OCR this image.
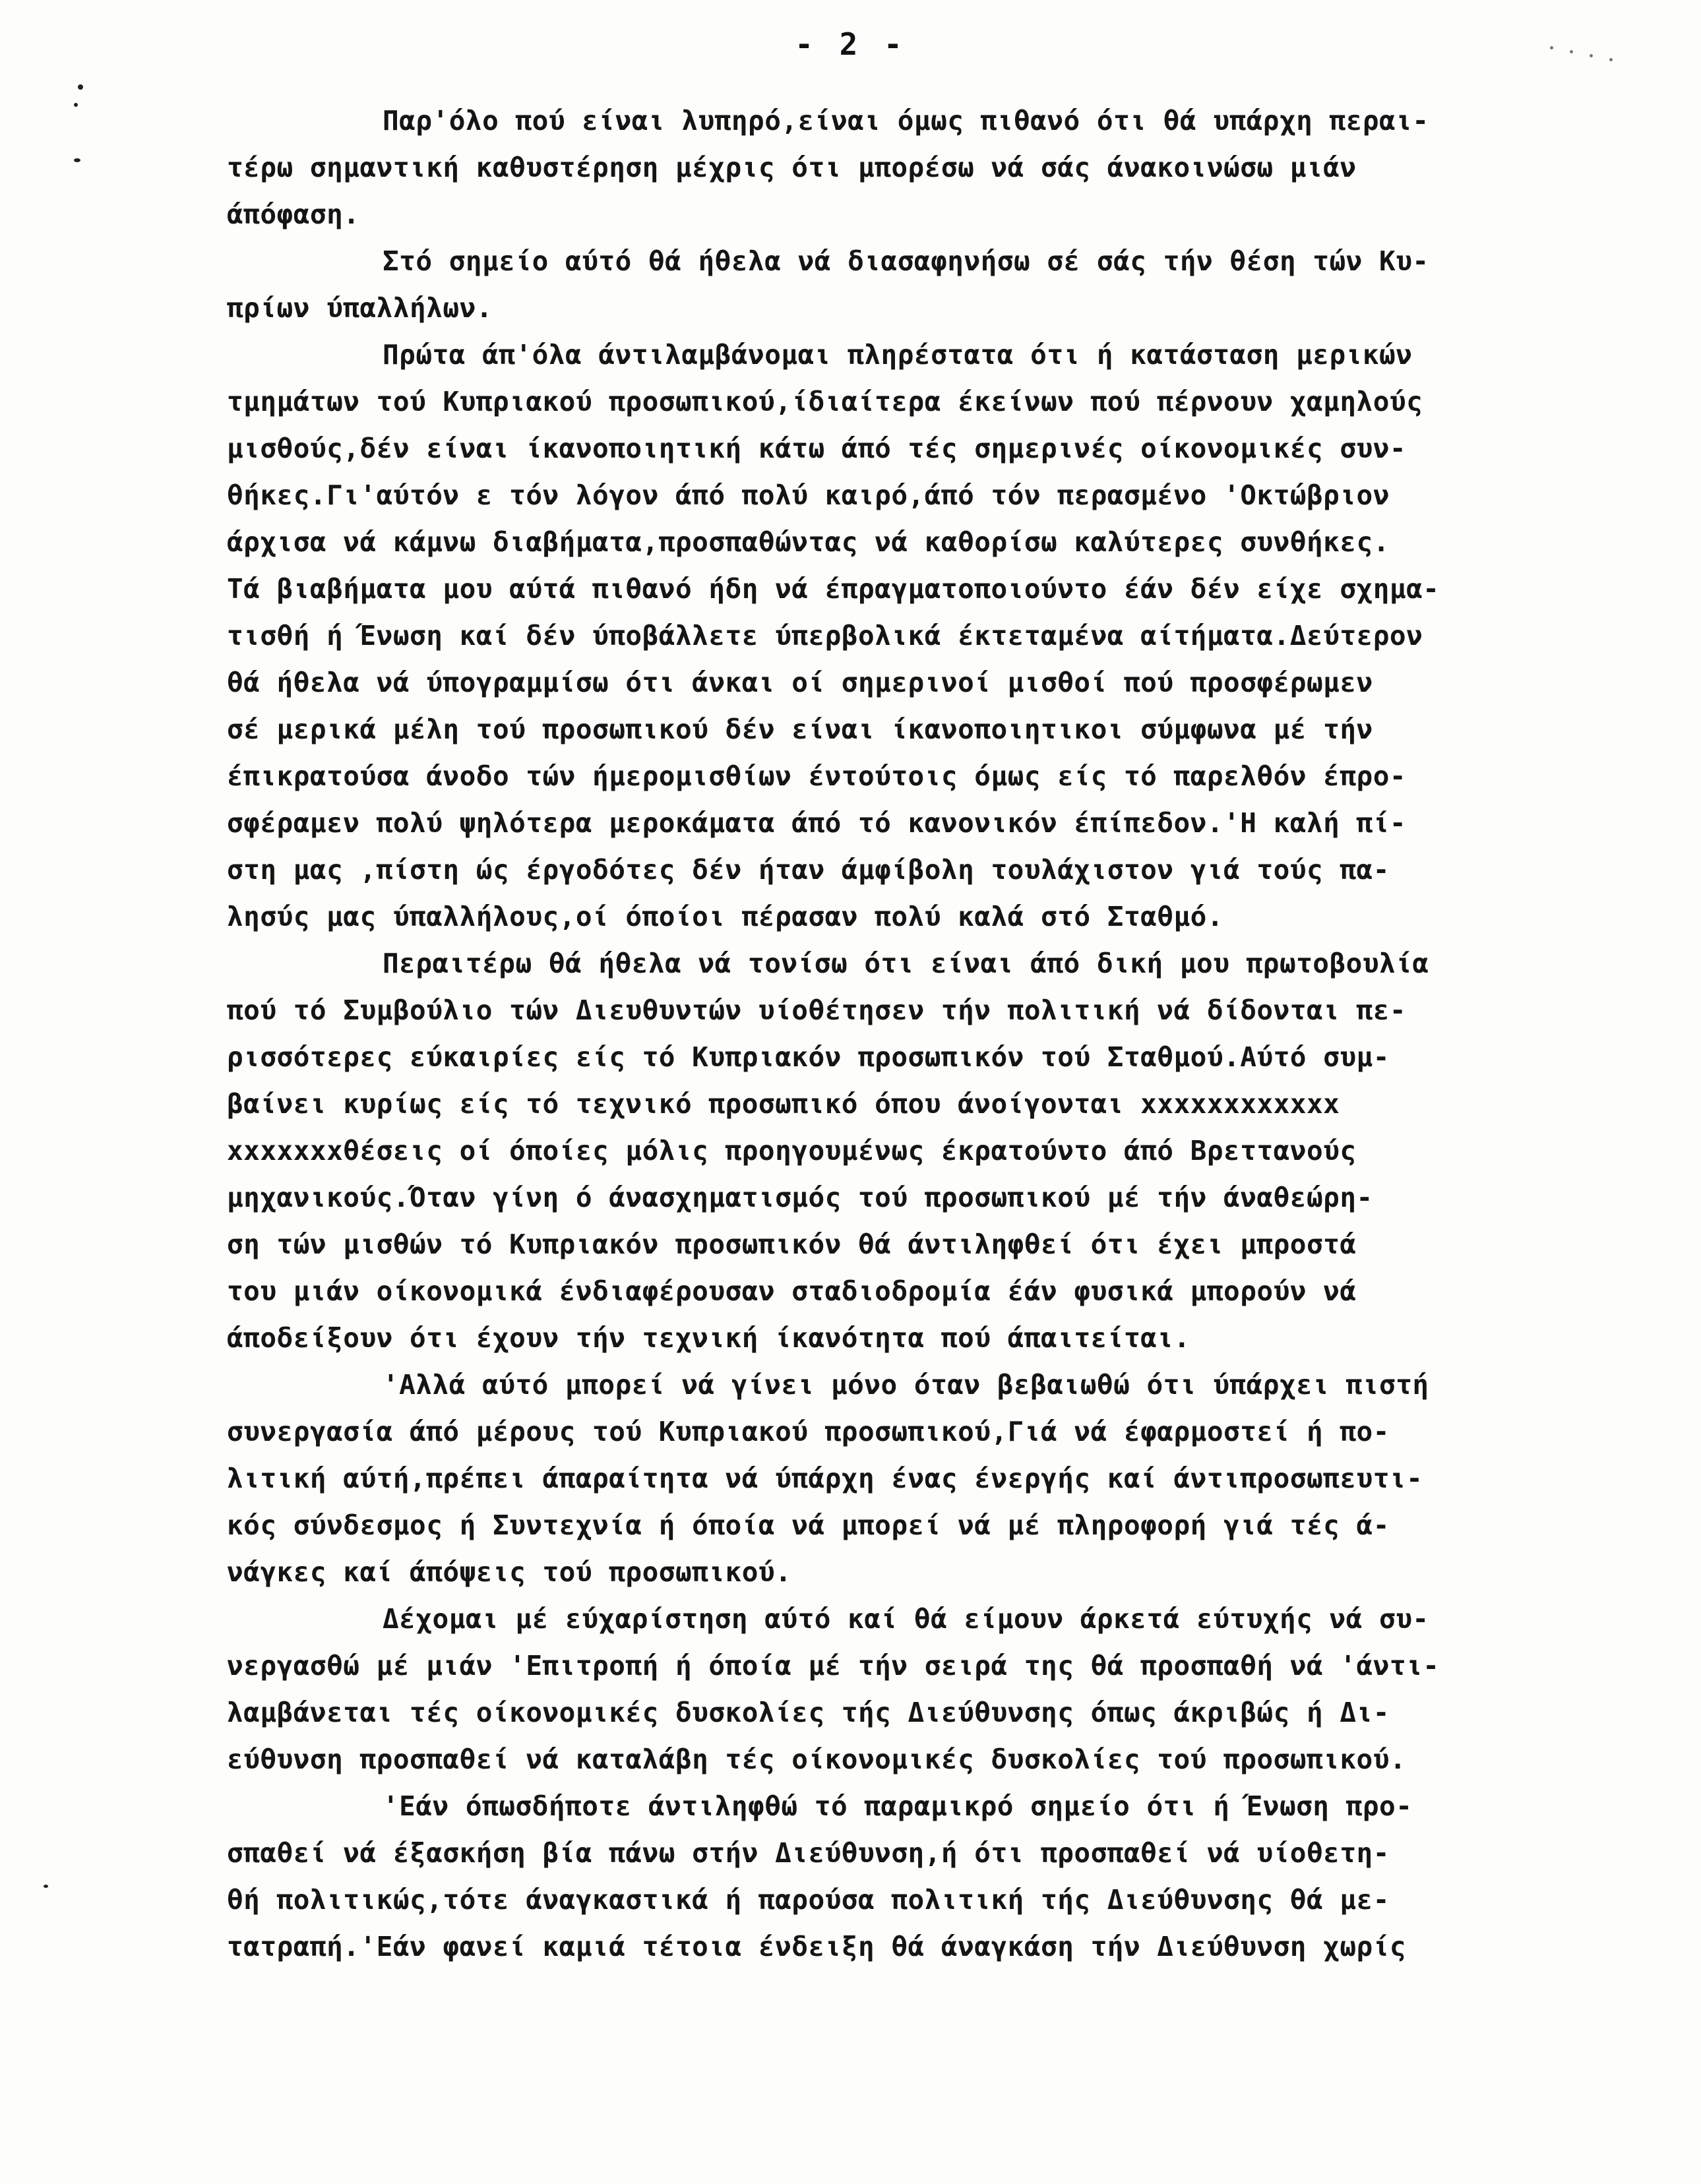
- 2 -
Παρ'όλο πού είναι λυπηρό,είναι όμως πιθανό ότι θά υπάρχη περαι-
τέρω σημαντική καθυστέρηση μέχρις ότι μπορέσω νά σάς άνακοινώσω μιάν
άπόφαση.
Στό σημείο αύτό θά ήθελα νά διασαφηνήσω σέ σάς τήν θέση τών Κυ-
πρίων ύπαλλήλων.
Πρώτα άπ'όλα άντιλαμβάνομαι πληρέστατα ότι ή κατάσταση μερικών
τμημάτων τού Κυπριακού προσωπικού,ίδιαίτερα έκείνων πού πέρνουν χαμηλούς
μισθούς,δέν είναι ίκανοποιητική κάτω άπό τές σημερινές οίκονομικές συν-
θήκες.Γι'αύτόν ε τόν λόγον άπό πολύ καιρό,άπό τόν περασμένο 'Οκτώβριον
άρχισα νά κάμνω διαβήματα,προσπαθώντας νά καθορίσω καλύτερες συνθήκες.
Τά βιαβήματα μου αύτά πιθανό ήδη νά έπραγματοποιούντο έάν δέν είχε σχημα-
τισθή ή Ένωση καί δέν ύποβάλλετε ύπερβολικά έκτεταμένα αίτήματα.Δεύτερον
θά ήθελα νά ύπογραμμίσω ότι άνκαι οί σημερινοί μισθοί πού προσφέρωμεν
σέ μερικά μέλη τού προσωπικού δέν είναι ίκανοποιητικοι σύμφωνα μέ τήν
έπικρατούσα άνοδο τών ήμερομισθίων έντούτοις όμως είς τό παρελθόν έπρο-
σφέραμεν πολύ ψηλότερα μεροκάματα άπό τό κανονικόν έπίπεδον.'Η καλή πί-
στη μας ,πίστη ώς έργοδότες δέν ήταν άμφίβολη τουλάχιστον γιά τούς πα-
λησύς μας ύπαλλήλους,οί όποίοι πέρασαν πολύ καλά στό Σταθμό.
Περαιτέρω θά ήθελα νά τονίσω ότι είναι άπό δική μου πρωτοβουλία
πού τό Συμβούλιο τών Διευθυντών υίοθέτησεν τήν πολιτική νά δίδονται πε-
ρισσότερες εύκαιρίες είς τό Κυπριακόν προσωπικόν τού Σταθμού.Αύτό συμ-
βαίνει κυρίως είς τό τεχνικό προσωπικό όπου άνοίγονται xxxxxxxxxxxx
xxxxxxxθέσεις οί όποίες μόλις προηγουμένως έκρατούντο άπό Βρεττανούς
μηχανικούς.Όταν γίνη ό άνασχηματισμός τού προσωπικού μέ τήν άναθεώρη-
ση τών μισθών τό Κυπριακόν προσωπικόν θά άντιληφθεί ότι έχει μπροστά
του μιάν οίκονομικά ένδιαφέρουσαν σταδιοδρομία έάν φυσικά μπορούν νά
άποδείξουν ότι έχουν τήν τεχνική ίκανότητα πού άπαιτείται.
'Αλλά αύτό μπορεί νά γίνει μόνο όταν βεβαιωθώ ότι ύπάρχει πιστή
συνεργασία άπό μέρους τού Κυπριακού προσωπικού,Γιά νά έφαρμοστεί ή πο-
λιτική αύτή,πρέπει άπαραίτητα νά ύπάρχη ένας ένεργής καί άντιπροσωπευτι-
κός σύνδεσμος ή Συντεχνία ή όποία νά μπορεί νά μέ πληροφορή γιά τές ά-
νάγκες καί άπόψεις τού προσωπικού.
Δέχομαι μέ εύχαρίστηση αύτό καί θά είμουν άρκετά εύτυχής νά συ-
νεργασθώ μέ μιάν 'Επιτροπή ή όποία μέ τήν σειρά της θά προσπαθή νά 'άντι-
λαμβάνεται τές οίκονομικές δυσκολίες τής Διεύθυνσης όπως άκριβώς ή Δι-
εύθυνση προσπαθεί νά καταλάβη τές οίκονομικές δυσκολίες τού προσωπικού.
'Εάν όπωσδήποτε άντιληφθώ τό παραμικρό σημείο ότι ή Ένωση προ-
σπαθεί νά έξασκήση βία πάνω στήν Διεύθυνση,ή ότι προσπαθεί νά υίοθετη-
θή πολιτικώς,τότε άναγκαστικά ή παρούσα πολιτική τής Διεύθυνσης θά με-
τατραπή.'Εάν φανεί καμιά τέτοια ένδειξη θά άναγκάση τήν Διεύθυνση χωρίς
